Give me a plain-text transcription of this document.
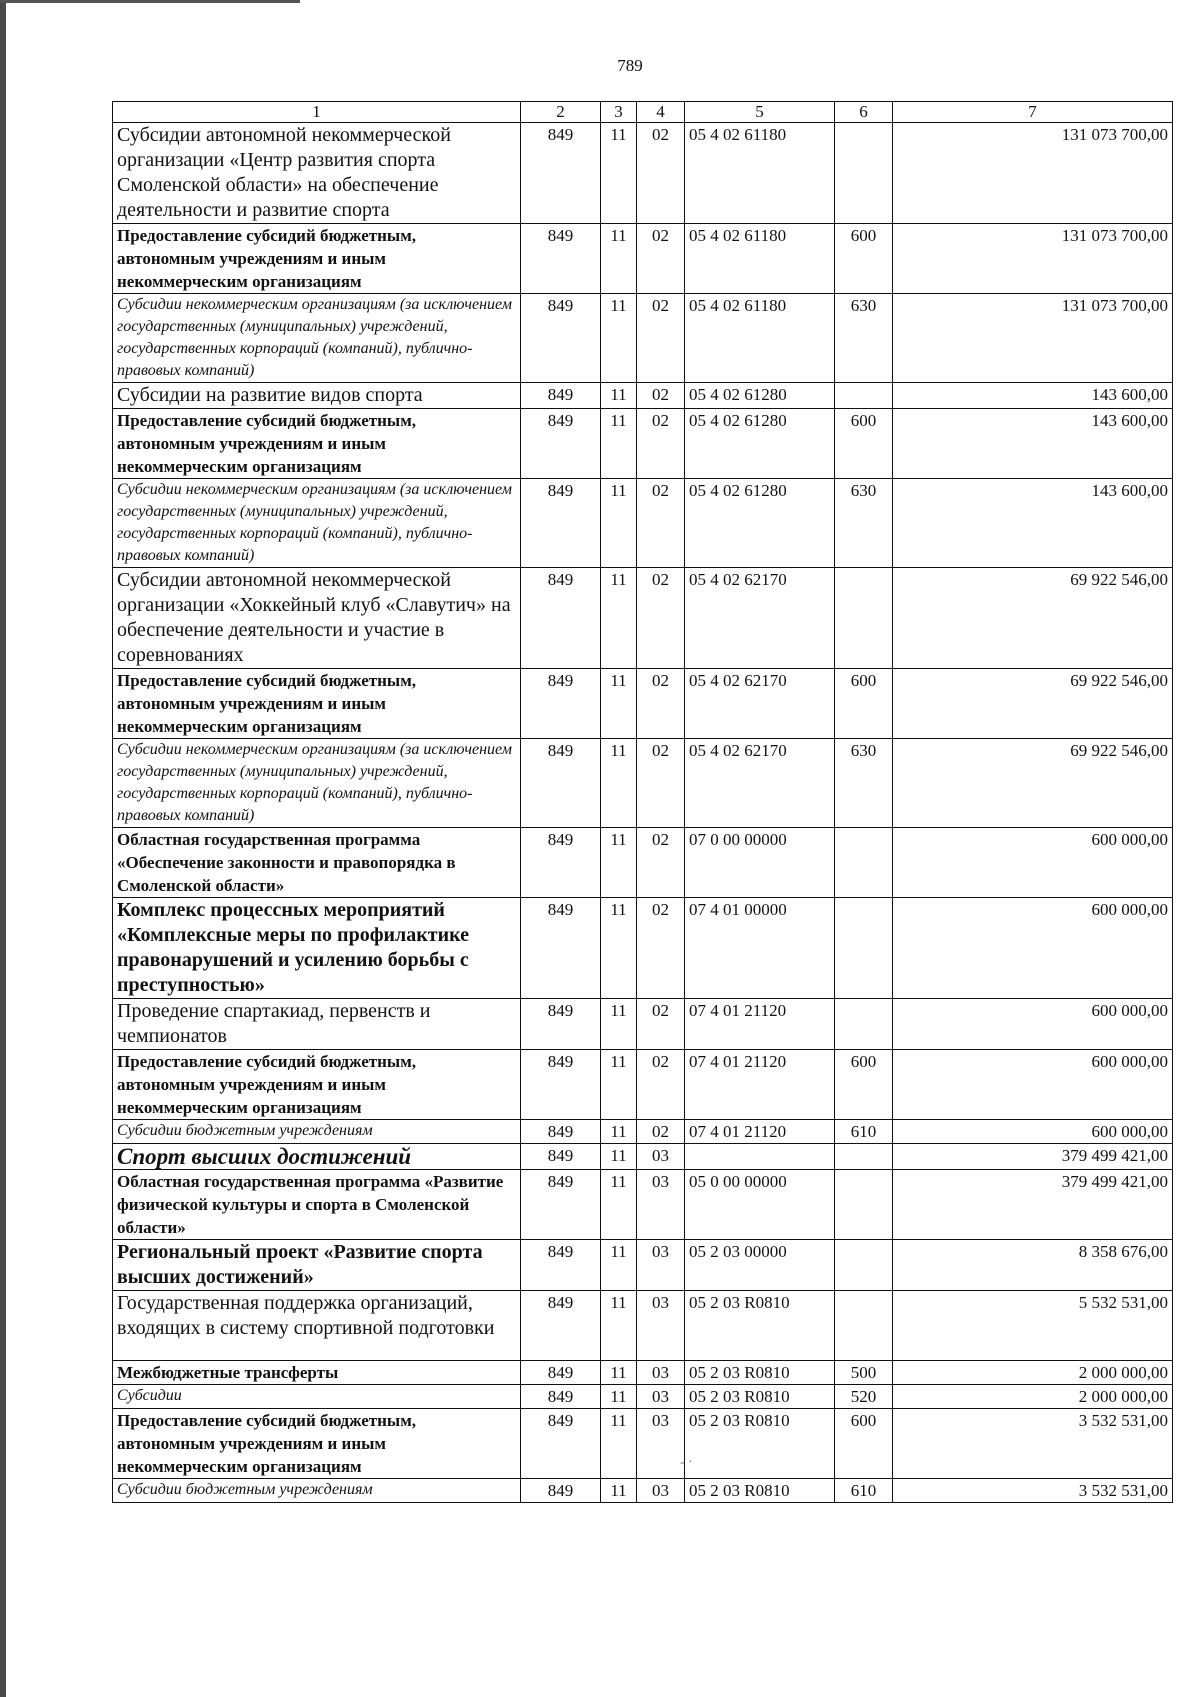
789
1	2	3	4	5	6	7
Субсидии автономной некоммерческой организации «Центр развития спорта Смоленской области» на обеспечение деятельности и развитие спорта	849	11	02	05 4 02 61180		131 073 700,00
Предоставление субсидий бюджетным, автономным учреждениям и иным некоммерческим организациям	849	11	02	05 4 02 61180	600	131 073 700,00
Субсидии некоммерческим организациям (за исключением государственных (муниципальных) учреждений, государственных корпораций (компаний), публично-правовых компаний)	849	11	02	05 4 02 61180	630	131 073 700,00
Субсидии на развитие видов спорта	849	11	02	05 4 02 61280		143 600,00
Предоставление субсидий бюджетным, автономным учреждениям и иным некоммерческим организациям	849	11	02	05 4 02 61280	600	143 600,00
Субсидии некоммерческим организациям (за исключением государственных (муниципальных) учреждений, государственных корпораций (компаний), публично-правовых компаний)	849	11	02	05 4 02 61280	630	143 600,00
Субсидии автономной некоммерческой организации «Хоккейный клуб «Славутич» на обеспечение деятельности и участие в соревнованиях	849	11	02	05 4 02 62170		69 922 546,00
Предоставление субсидий бюджетным, автономным учреждениям и иным некоммерческим организациям	849	11	02	05 4 02 62170	600	69 922 546,00
Субсидии некоммерческим организациям (за исключением государственных (муниципальных) учреждений, государственных корпораций (компаний), публично-правовых компаний)	849	11	02	05 4 02 62170	630	69 922 546,00
Областная государственная программа «Обеспечение законности и правопорядка в Смоленской области»	849	11	02	07 0 00 00000		600 000,00
Комплекс процессных мероприятий «Комплексные меры по профилактике правонарушений и усилению борьбы с преступностью»	849	11	02	07 4 01 00000		600 000,00
Проведение спартакиад, первенств и чемпионатов	849	11	02	07 4 01 21120		600 000,00
Предоставление субсидий бюджетным, автономным учреждениям и иным некоммерческим организациям	849	11	02	07 4 01 21120	600	600 000,00
Субсидии бюджетным учреждениям	849	11	02	07 4 01 21120	610	600 000,00
Спорт высших достижений	849	11	03			379 499 421,00
Областная государственная программа «Развитие физической культуры и спорта в Смоленской области»	849	11	03	05 0 00 00000		379 499 421,00
Региональный проект «Развитие спорта высших достижений»	849	11	03	05 2 03 00000		8 358 676,00
Государственная поддержка организаций, входящих в систему спортивной подготовки	849	11	03	05 2 03 R0810		5 532 531,00
Межбюджетные трансферты	849	11	03	05 2 03 R0810	500	2 000 000,00
Субсидии	849	11	03	05 2 03 R0810	520	2 000 000,00
Предоставление субсидий бюджетным, автономным учреждениям и иным некоммерческим организациям	849	11	03	05 2 03 R0810	600	3 532 531,00
Субсидии бюджетным учреждениям	849	11	03	05 2 03 R0810	610	3 532 531,00
- ·
